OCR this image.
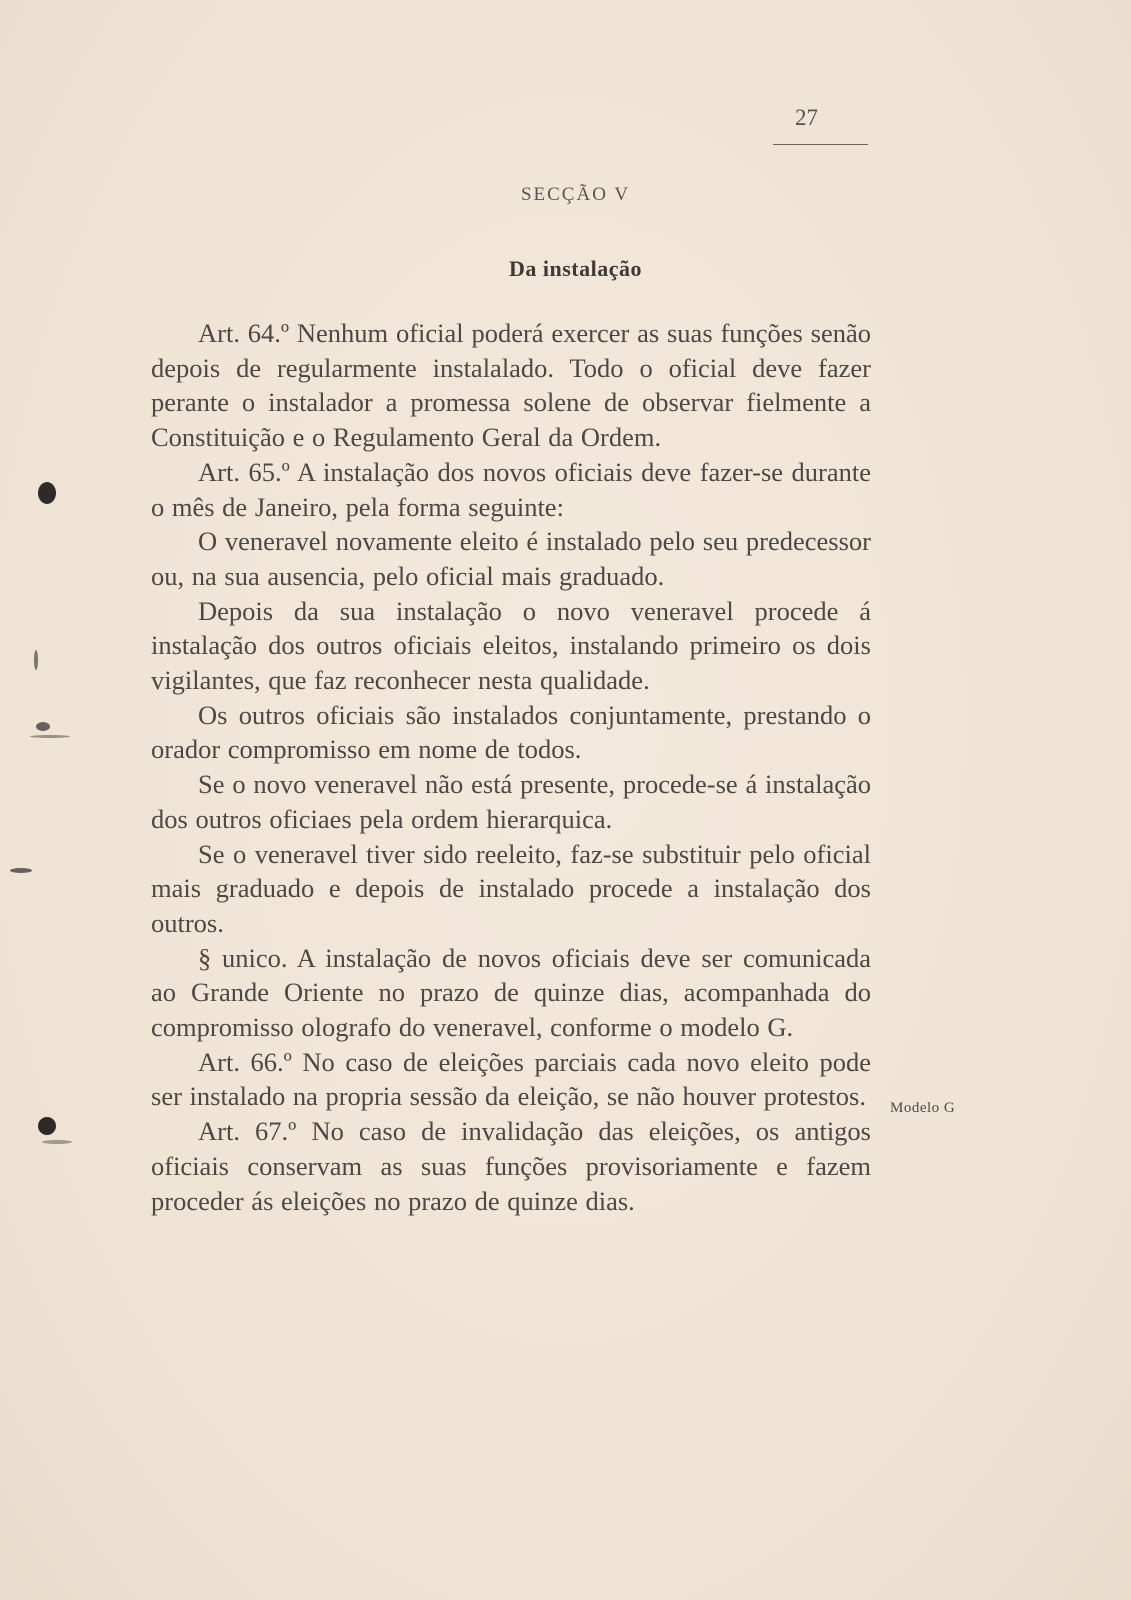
27
SECÇÃO V
Da instalação

Art. 64.º Nenhum oficial poderá exercer as suas funções senão depois de regularmente instalalado. Todo o oficial deve fazer perante o instalador a promessa solene de observar fielmente a Constituição e o Regulamento Geral da Ordem.

Art. 65.º A instalação dos novos oficiais deve fazer-se durante o mês de Janeiro, pela forma seguinte:

O veneravel novamente eleito é instalado pelo seu predecessor ou, na sua ausencia, pelo oficial mais graduado.

Depois da sua instalação o novo veneravel procede á instalação dos outros oficiais eleitos, instalando primeiro os dois vigilantes, que faz reconhecer nesta qualidade.

Os outros oficiais são instalados conjuntamente, prestando o orador compromisso em nome de todos.

Se o novo veneravel não está presente, procede-se á instalação dos outros oficiaes pela ordem hierarquica.

Se o veneravel tiver sido reeleito, faz-se substituir pelo oficial mais graduado e depois de instalado procede a instalação dos outros.

§ unico. A instalação de novos oficiais deve ser comunicada ao Grande Oriente no prazo de quinze dias, acompanhada do compromisso olografo do veneravel, conforme o modelo G.

Art. 66.º No caso de eleições parciais cada novo eleito pode ser instalado na propria sessão da eleição, se não houver protestos.

Art. 67.º No caso de invalidação das eleições, os antigos oficiais conservam as suas funções provisoriamente e fazem proceder ás eleições no prazo de quinze dias.

Modelo G
